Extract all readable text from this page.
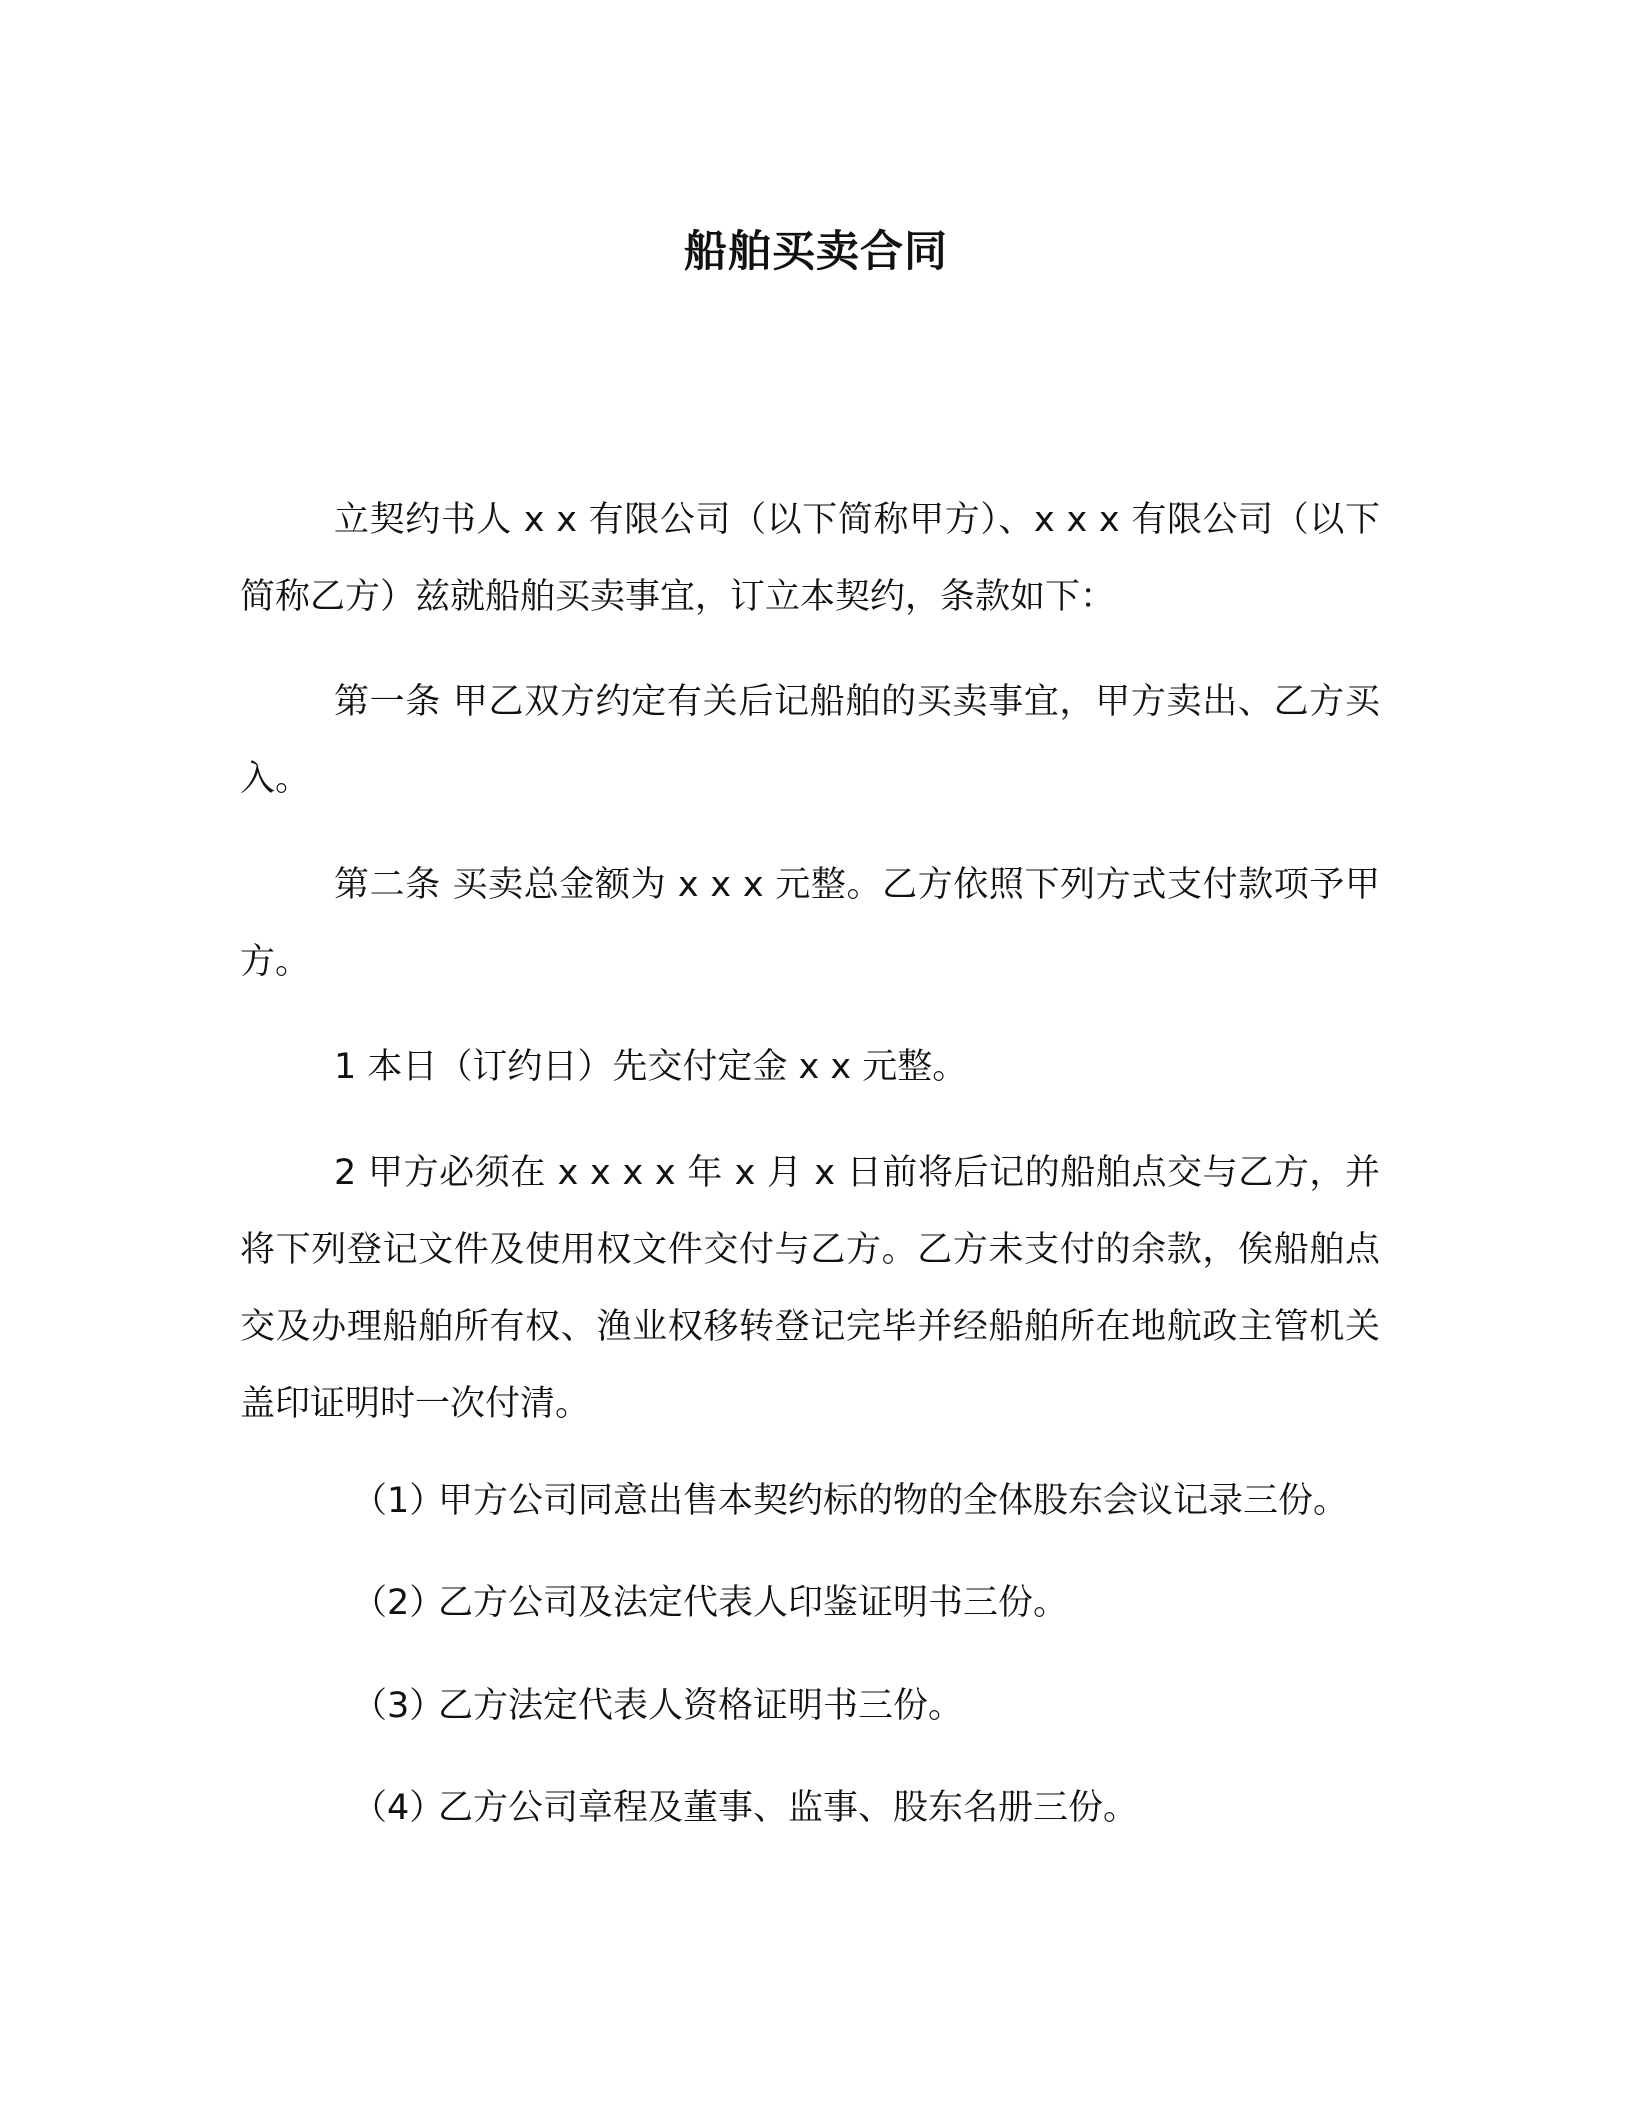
船舶买卖合同

立契约书人 x x 有限公司（以下简称甲方）、x x x 有限公司（以下简称乙方）兹就船舶买卖事宜，订立本契约，条款如下：

第一条 甲乙双方约定有关后记船舶的买卖事宜，甲方卖出、乙方买入。

第二条 买卖总金额为 x x x 元整。乙方依照下列方式支付款项予甲方。

1 本日（订约日）先交付定金 x x 元整。

2 甲方必须在 x x x x 年 x 月 x 日前将后记的船舶点交与乙方，并将下列登记文件及使用权文件交付与乙方。乙方未支付的余款，俟船舶点交及办理船舶所有权、渔业权移转登记完毕并经船舶所在地航政主管机关盖印证明时一次付清。

（1）甲方公司同意出售本契约标的物的全体股东会议记录三份。
（2）乙方公司及法定代表人印鉴证明书三份。
（3）乙方法定代表人资格证明书三份。
（4）乙方公司章程及董事、监事、股东名册三份。
